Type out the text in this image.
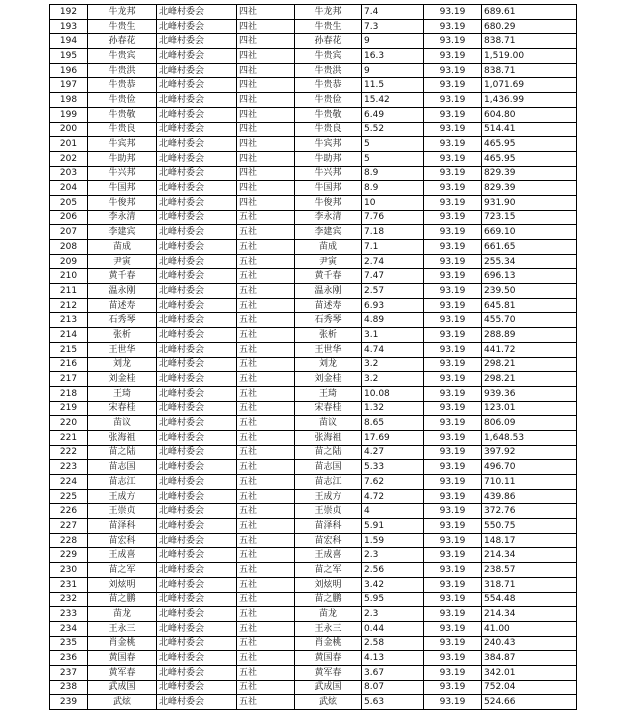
192	牛龙邦	北峰村委会	四社	牛龙邦	7.4	93.19	689.61
193	牛贵生	北峰村委会	四社	牛贵生	7.3	93.19	680.29
194	孙春花	北峰村委会	四社	孙春花	9	93.19	838.71
195	牛贵宾	北峰村委会	四社	牛贵宾	16.3	93.19	1,519.00
196	牛贵洪	北峰村委会	四社	牛贵洪	9	93.19	838.71
197	牛贵恭	北峰村委会	四社	牛贵恭	11.5	93.19	1,071.69
198	牛贵俭	北峰村委会	四社	牛贵俭	15.42	93.19	1,436.99
199	牛贵敬	北峰村委会	四社	牛贵敬	6.49	93.19	604.80
200	牛贵良	北峰村委会	四社	牛贵良	5.52	93.19	514.41
201	牛宾邦	北峰村委会	四社	牛宾邦	5	93.19	465.95
202	牛助邦	北峰村委会	四社	牛助邦	5	93.19	465.95
203	牛兴邦	北峰村委会	四社	牛兴邦	8.9	93.19	829.39
204	牛国邦	北峰村委会	四社	牛国邦	8.9	93.19	829.39
205	牛俊邦	北峰村委会	四社	牛俊邦	10	93.19	931.90
206	李永清	北峰村委会	五社	李永清	7.76	93.19	723.15
207	李建宾	北峰村委会	五社	李建宾	7.18	93.19	669.10
208	苗成	北峰村委会	五社	苗成	7.1	93.19	661.65
209	尹寅	北峰村委会	五社	尹寅	2.74	93.19	255.34
210	黄千春	北峰村委会	五社	黄千春	7.47	93.19	696.13
211	温永刚	北峰村委会	五社	温永刚	2.57	93.19	239.50
212	苗述寿	北峰村委会	五社	苗述寿	6.93	93.19	645.81
213	石秀琴	北峰村委会	五社	石秀琴	4.89	93.19	455.70
214	张析	北峰村委会	五社	张析	3.1	93.19	288.89
215	王世华	北峰村委会	五社	王世华	4.74	93.19	441.72
216	刘龙	北峰村委会	五社	刘龙	3.2	93.19	298.21
217	刘金桂	北峰村委会	五社	刘金桂	3.2	93.19	298.21
218	王琦	北峰村委会	五社	王琦	10.08	93.19	939.36
219	宋春桂	北峰村委会	五社	宋春桂	1.32	93.19	123.01
220	苗议	北峰村委会	五社	苗议	8.65	93.19	806.09
221	张海祖	北峰村委会	五社	张海祖	17.69	93.19	1,648.53
222	苗之陆	北峰村委会	五社	苗之陆	4.27	93.19	397.92
223	苗志国	北峰村委会	五社	苗志国	5.33	93.19	496.70
224	苗志江	北峰村委会	五社	苗志江	7.62	93.19	710.11
225	王成方	北峰村委会	五社	王成方	4.72	93.19	439.86
226	王崇贞	北峰村委会	五社	王崇贞	4	93.19	372.76
227	苗泽科	北峰村委会	五社	苗泽科	5.91	93.19	550.75
228	苗宏科	北峰村委会	五社	苗宏科	1.59	93.19	148.17
229	王成喜	北峰村委会	五社	王成喜	2.3	93.19	214.34
230	苗之军	北峰村委会	五社	苗之军	2.56	93.19	238.57
231	刘炫明	北峰村委会	五社	刘炫明	3.42	93.19	318.71
232	苗之鹏	北峰村委会	五社	苗之鹏	5.95	93.19	554.48
233	苗龙	北峰村委会	五社	苗龙	2.3	93.19	214.34
234	王永三	北峰村委会	五社	王永三	0.44	93.19	41.00
235	肖金桃	北峰村委会	五社	肖金桃	2.58	93.19	240.43
236	黄国春	北峰村委会	五社	黄国春	4.13	93.19	384.87
237	黄军春	北峰村委会	五社	黄军春	3.67	93.19	342.01
238	武成国	北峰村委会	五社	武成国	8.07	93.19	752.04
239	武炫	北峰村委会	五社	武炫	5.63	93.19	524.66
